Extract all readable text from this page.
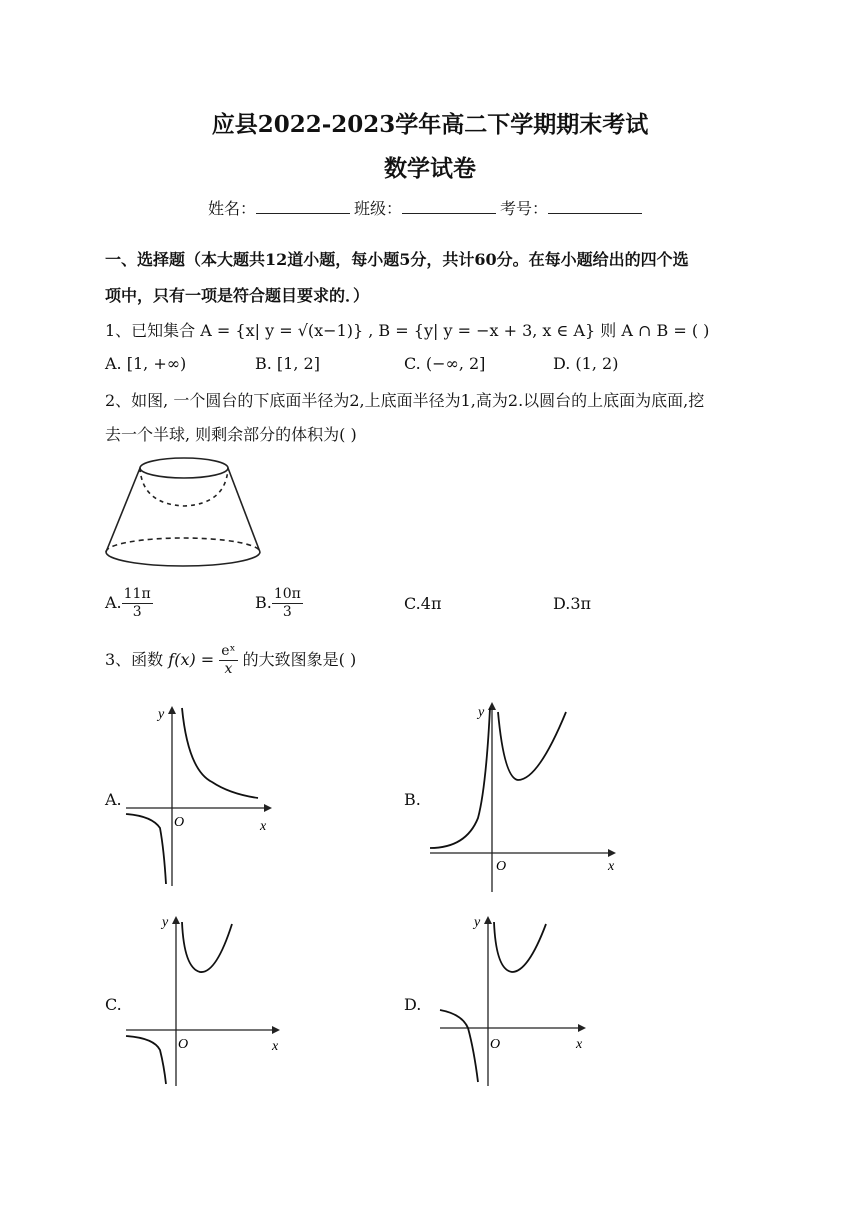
应县2022-2023学年高二下学期期末考试
数学试卷
姓名：	班级：	考号：
一、选择题（本大题共12道小题，每小题5分，共计60分。在每小题给出的四个选
项中，只有一项是符合题目要求的．）
1、已知集合 A = {x| y = √(x−1)} , B = {y| y = −x + 3, x ∈ A} 则 A ∩ B = ( )
A. [1, +∞)	B. [1, 2]	C. (−∞, 2]	D. (1, 2)
2、如图, 一个圆台的下底面半径为2,上底面半径为1,高为2.以圆台的上底面为底面,挖
去一个半球, 则剩余部分的体积为( )
A. $\frac{11\pi}{3}$	B. $\frac{10\pi}{3}$	C.4π	D.3π
3、函数 $f(x) = \frac{\text{eˣ}}{x}$ 的大致图象是( )
A.	B.
C.	D.
y
x
O
y
x
O
y
x
O
y
x
O
